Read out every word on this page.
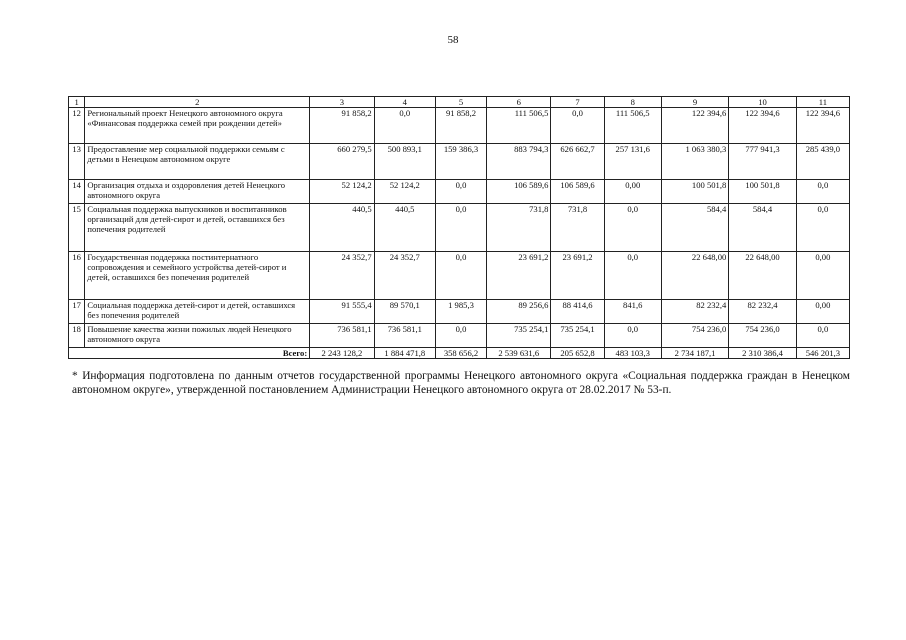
58
1	2	3	4	5	6	7	8	9	10	11
12	Региональный проект Ненецкого автономного округа «Финансовая поддержка семей при рождении детей»	91 858,2	0,0	91 858,2	111 506,5	0,0	111 506,5	122 394,6	122 394,6	122 394,6
13	Предоставление мер социальной поддержки семьям с детьми в Ненецком автономном округе	660 279,5	500 893,1	159 386,3	883 794,3	626 662,7	257 131,6	1 063 380,3	777 941,3	285 439,0
14	Организация отдыха и оздоровления детей Ненецкого автономного округа	52 124,2	52 124,2	0,0	106 589,6	106 589,6	0,00	100 501,8	100 501,8	0,0
15	Социальная поддержка выпускников и воспитанников организаций для детей-сирот и детей, оставшихся без попечения родителей	440,5	440,5	0,0	731,8	731,8	0,0	584,4	584,4	0,0
16	Государственная поддержка постинтернатного сопровождения и семейного устройства детей-сирот и детей, оставшихся без попечения родителей	24 352,7	24 352,7	0,0	23 691,2	23 691,2	0,0	22 648,00	22 648,00	0,00
17	Социальная поддержка детей-сирот и детей, оставшихся без попечения родителей	91 555,4	89 570,1	1 985,3	89 256,6	88 414,6	841,6	82 232,4	82 232,4	0,00
18	Повышение качества жизни пожилых людей Ненецкого автономного округа	736 581,1	736 581,1	0,0	735 254,1	735 254,1	0,0	754 236,0	754 236,0	0,0
Всего:		2 243 128,2	1 884 471,8	358 656,2	2 539 631,6	205 652,8	483 103,3	2 734 187,1	2 310 386,4	546 201,3
* Информация подготовлена по данным отчетов государственной программы Ненецкого автономного округа «Социальная поддержка граждан в Ненецком автономном округе», утвержденной постановлением Администрации Ненецкого автономного округа от 28.02.2017 № 53-п.
